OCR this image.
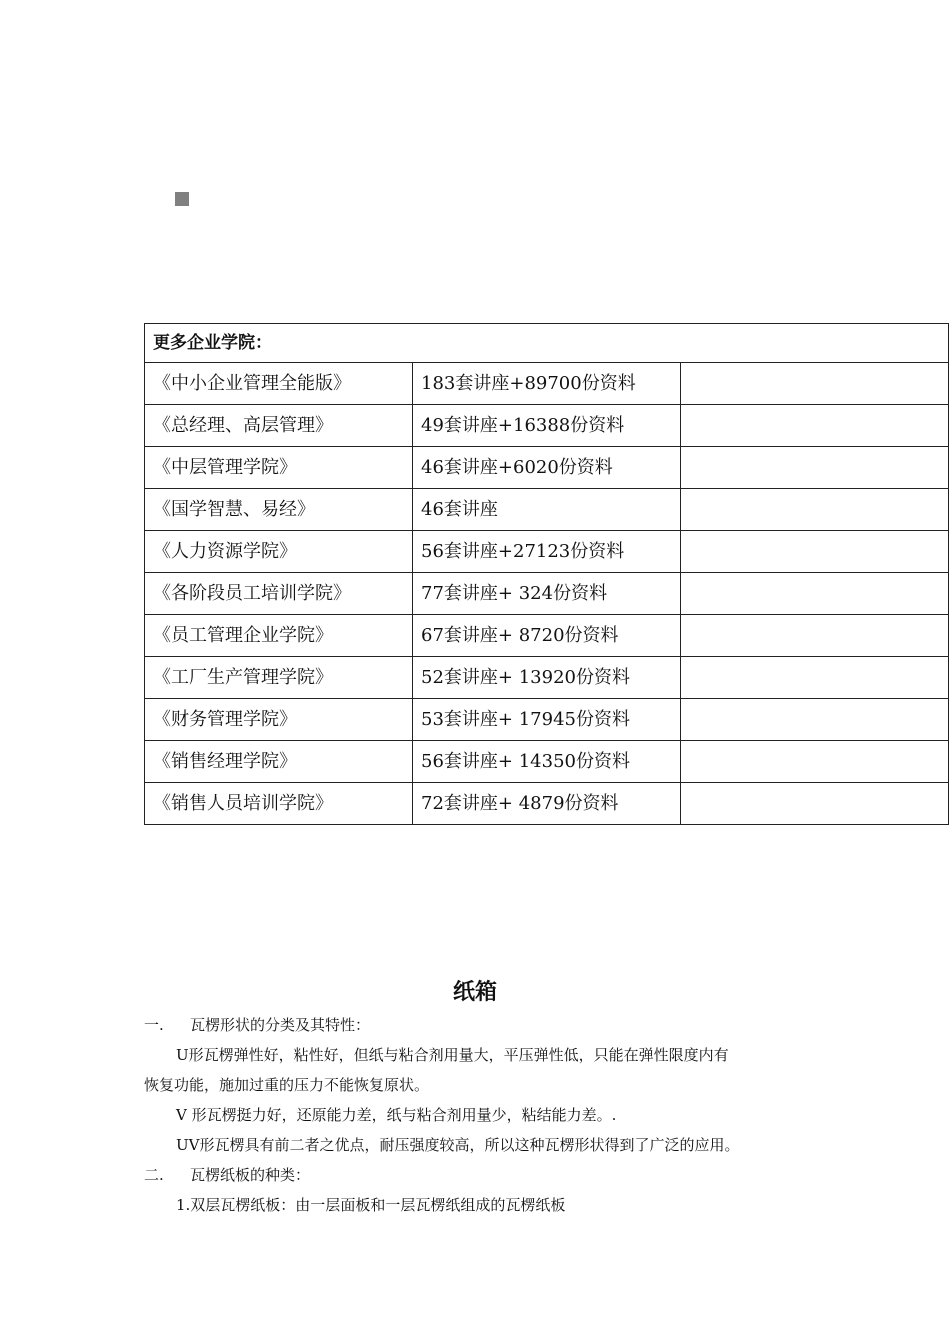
更多企业学院：		
《中小企业管理全能版》	183套讲座+89700份资料	
《总经理、高层管理》	49套讲座+16388份资料	
《中层管理学院》	46套讲座+6020份资料	
《国学智慧、易经》	46套讲座	
《人力资源学院》	56套讲座+27123份资料	
《各阶段员工培训学院》	77套讲座+ 324份资料	
《员工管理企业学院》	67套讲座+ 8720份资料	
《工厂生产管理学院》	52套讲座+ 13920份资料	
《财务管理学院》	53套讲座+ 17945份资料	
《销售经理学院》	56套讲座+ 14350份资料	
《销售人员培训学院》	72套讲座+ 4879份资料	
纸箱
一. 瓦楞形状的分类及其特性：
U形瓦楞弹性好，粘性好，但纸与粘合剂用量大，平压弹性低，只能在弹性限度内有
恢复功能，施加过重的压力不能恢复原状。
V 形瓦楞挺力好，还原能力差，纸与粘合剂用量少，粘结能力差。.
UV形瓦楞具有前二者之优点，耐压强度较高，所以这种瓦楞形状得到了广泛的应用。
二. 瓦楞纸板的种类：
1.双层瓦楞纸板：由一层面板和一层瓦楞纸组成的瓦楞纸板
